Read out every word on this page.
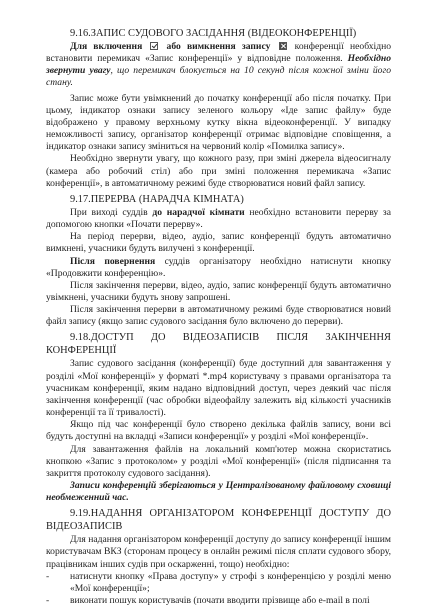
9.16.ЗАПИС СУДОВОГО ЗАСІДАННЯ (ВІДЕОКОНФЕРЕНЦІЇ)

Для включення  або вимкнення запису  конференції необхідно встановити перемикач «Запис конференції» у відповідне положення. Необхідно звернути увагу, що перемикач блокується на 10 секунд після кожної зміни його стану.

Запис може бути увімкнений до початку конференції або після початку. При цьому, індикатор ознаки запису зеленого кольору «Іде запис файлу» буде відображено у правому верхньому кутку вікна відеоконференції. У випадку неможливості запису, організатор конференції отримає відповідне сповіщення, а індикатор ознаки запису зміниться на червоний колір «Помилка запису».

Необхідно звернути увагу, що кожного разу, при зміні джерела відеосигналу (камера або робочий стіл) або при зміні положення перемикача «Запис конференції», в автоматичному режимі буде створюватися новий файл запису.

9.17.ПЕРЕРВА (НАРАДЧА КІМНАТА)

При виході суддів до нарадчої кімнати необхідно встановити перерву за допомогою кнопки «Почати перерву».

На період перерви, відео, аудіо, запис конференції будуть автоматично вимкнені, учасники будуть вилучені з конференції.

Після повернення суддів організатору необхідно натиснути кнопку «Продовжити конференцію».

Після закінчення перерви, відео, аудіо, запис конференції будуть автоматично увімкнені, учасники будуть знову запрошені.

Після закінчення перерви в автоматичному режимі буде створюватися новий файл запису (якщо запис судового засідання було включено до перерви).

9.18.ДОСТУП ДО ВІДЕОЗАПИСІВ ПІСЛЯ ЗАКІНЧЕННЯ КОНФЕРЕНЦІЇ

Запис судового засідання (конференції) буде доступний для завантаження у розділі «Мої конференції» у форматі *.mp4 користувачу з правами організатора та учасникам конференції, яким надано відповідний доступ, через деякий час після закінчення конференції (час обробки відеофайлу залежить від кількості учасників конференції та її тривалості).

Якщо під час конференції було створено декілька файлів запису, вони всі будуть доступні на вкладці «Записи конференції» у розділі «Мої конференції».

Для завантаження файлів на локальний комп'ютер можна скористатись кнопкою «Запис з протоколом» у розділі «Мої конференції» (після підписання та закриття протоколу судового засідання).

Записи конференцій зберігаються у Централізованому файловому сховищі необмеженний час.

9.19.НАДАННЯ ОРГАНІЗАТОРОМ КОНФЕРЕНЦІЇ ДОСТУПУ ДО ВІДЕОЗАПИСІВ

Для надання організатором конференції доступу до запису конференції іншим користувачам ВКЗ (сторонам процесу в онлайн режимі після сплати судового збору, працівникам інших судів при оскарженні, тощо) необхідно:

-	натиснути кнопку «Права доступу» у строфі з конференцією у розділі меню «Мої конференції»;
-	виконати пошук користувачів (почати вводити прізвище або e-mail в полі
